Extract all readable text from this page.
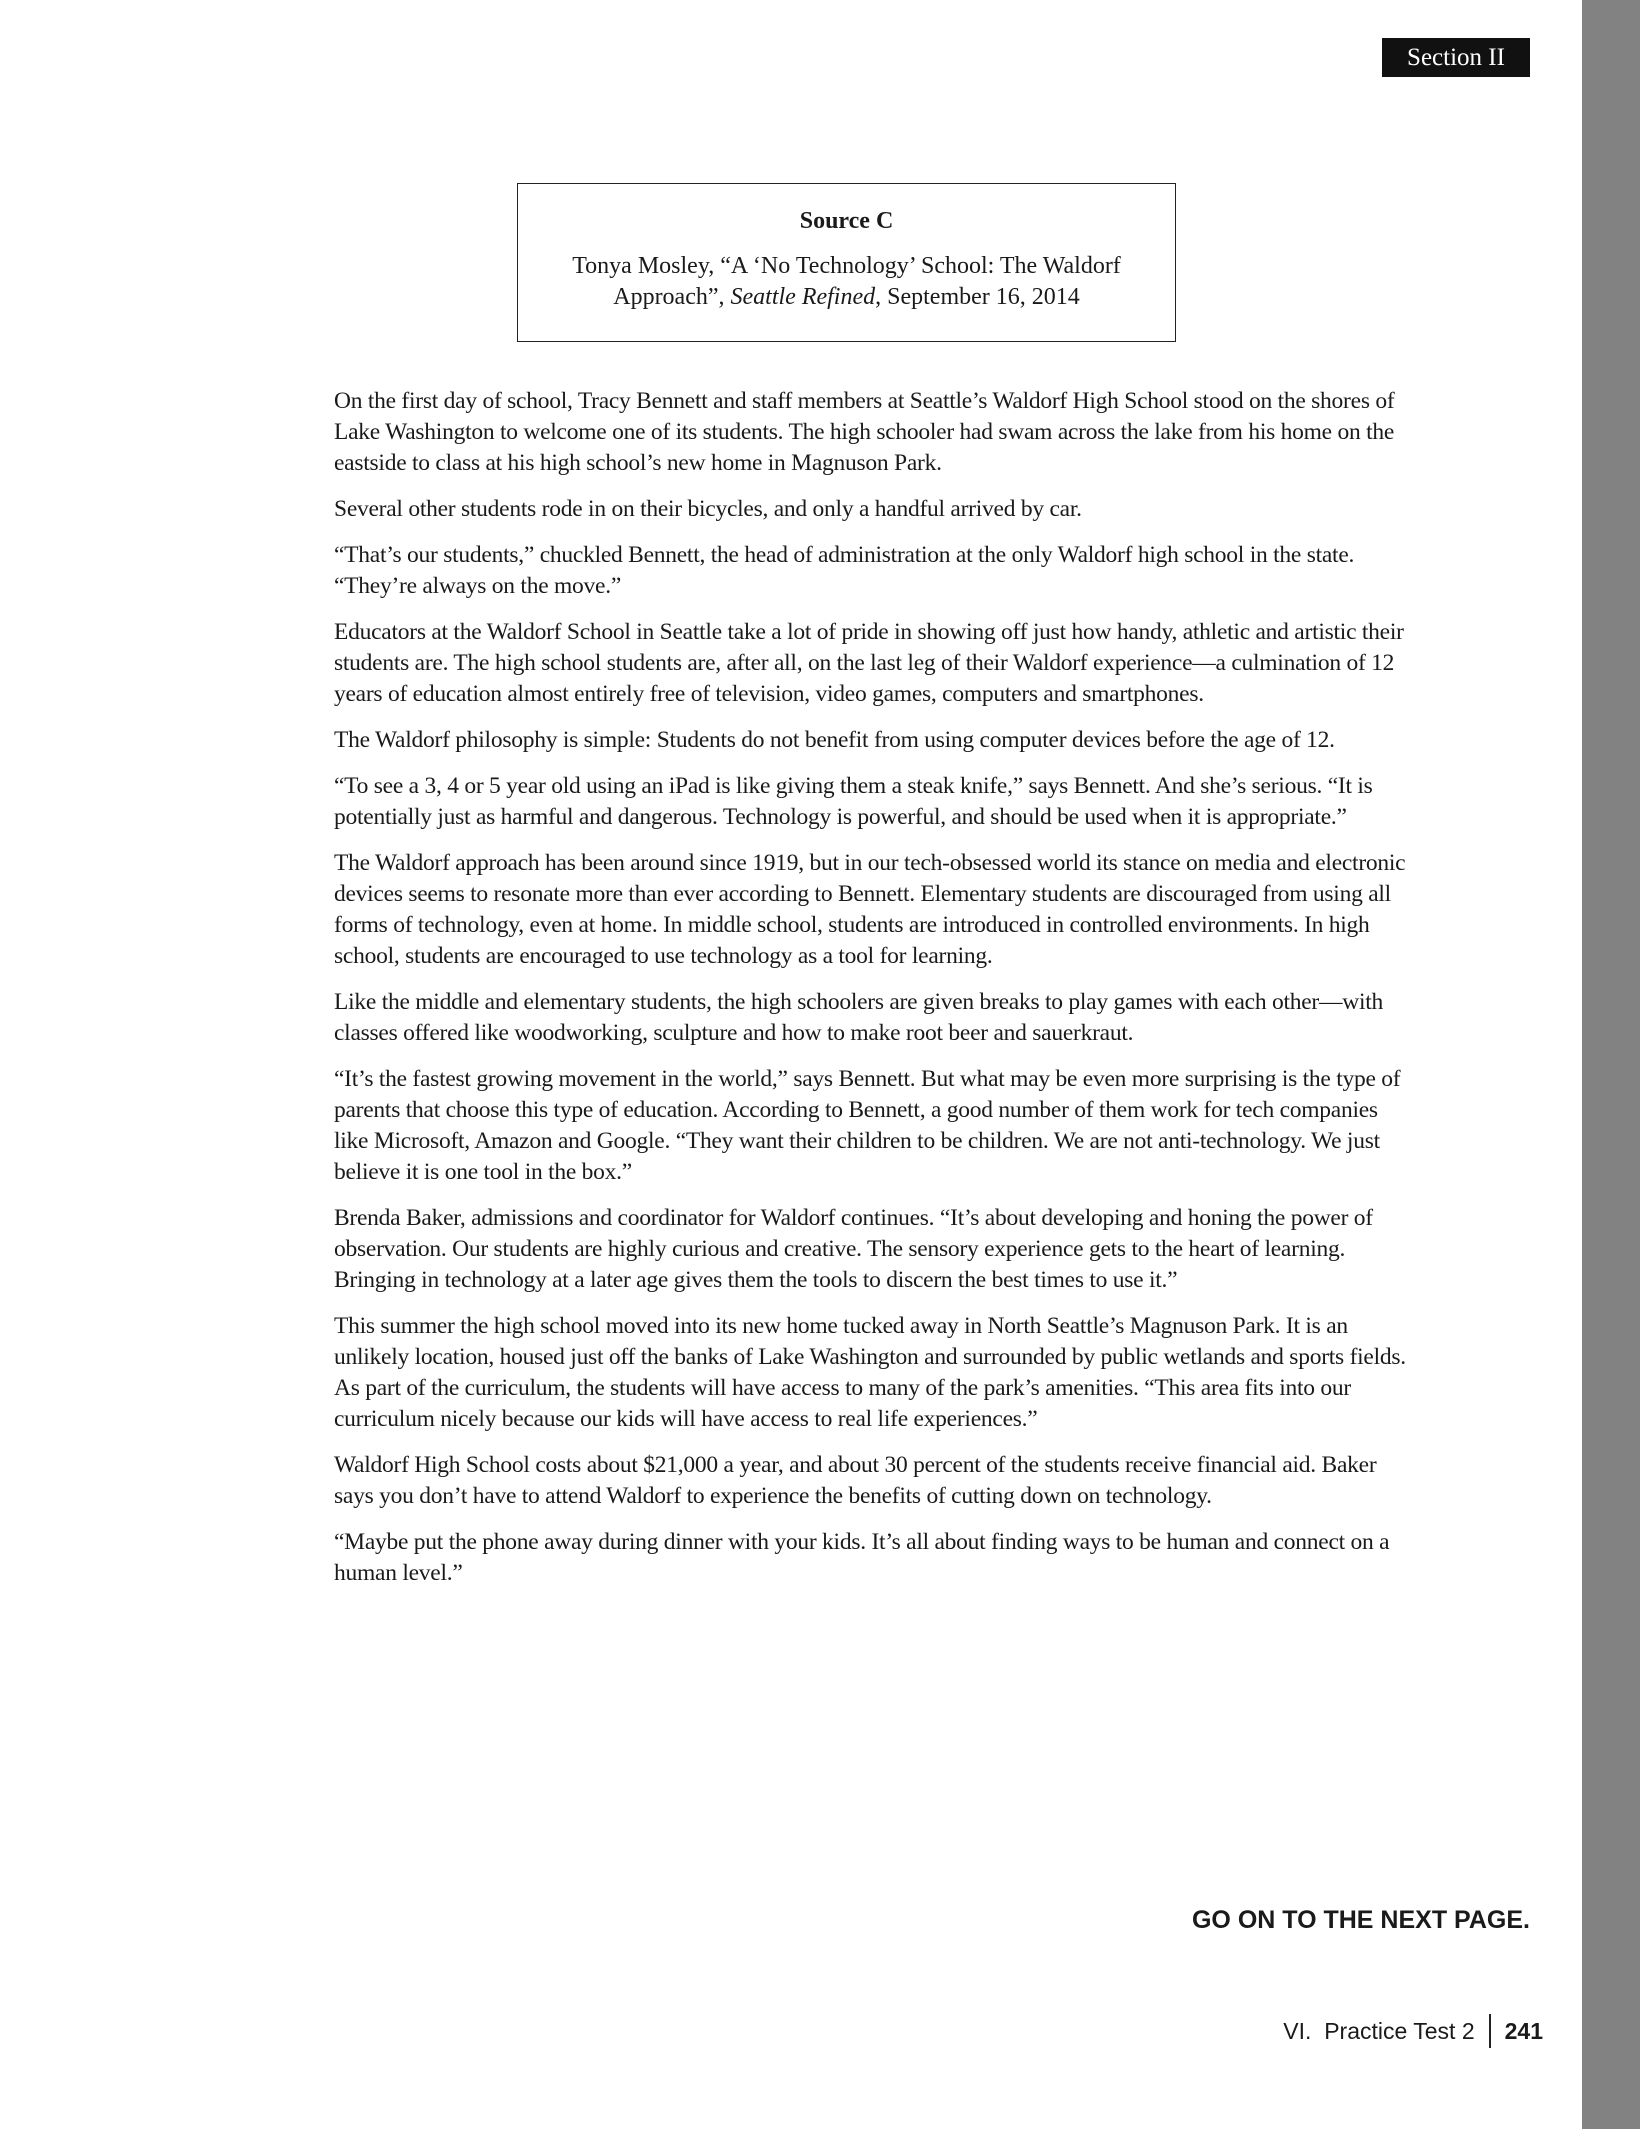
Section II
Source C
Tonya Mosley, “A ‘No Technology’ School: The Waldorf
Approach”, Seattle Refined, September 16, 2014

On the first day of school, Tracy Bennett and staff members at Seattle’s Waldorf High School stood on the shores of Lake Washington to welcome one of its students. The high schooler had swam across the lake from his home on the eastside to class at his high school’s new home in Magnuson Park.

Several other students rode in on their bicycles, and only a handful arrived by car.

“That’s our students,” chuckled Bennett, the head of administration at the only Waldorf high school in the state. “They’re always on the move.”

Educators at the Waldorf School in Seattle take a lot of pride in showing off just how handy, athletic and artistic their students are. The high school students are, after all, on the last leg of their Waldorf experience—a culmination of 12 years of education almost entirely free of television, video games, computers and smartphones.

The Waldorf philosophy is simple: Students do not benefit from using computer devices before the age of 12.

“To see a 3, 4 or 5 year old using an iPad is like giving them a steak knife,” says Bennett. And she’s serious. “It is potentially just as harmful and dangerous. Technology is powerful, and should be used when it is appropriate.”

The Waldorf approach has been around since 1919, but in our tech-obsessed world its stance on media and electronic devices seems to resonate more than ever according to Bennett. Elementary students are discouraged from using all forms of technology, even at home. In middle school, students are introduced in controlled environments. In high school, students are encouraged to use technology as a tool for learning.

Like the middle and elementary students, the high schoolers are given breaks to play games with each other—with classes offered like woodworking, sculpture and how to make root beer and sauerkraut.

“It’s the fastest growing movement in the world,” says Bennett. But what may be even more surprising is the type of parents that choose this type of education. According to Bennett, a good number of them work for tech companies like Microsoft, Amazon and Google. “They want their children to be children. We are not anti-technology. We just believe it is one tool in the box.”

Brenda Baker, admissions and coordinator for Waldorf continues. “It’s about developing and honing the power of observation. Our students are highly curious and creative. The sensory experience gets to the heart of learning. Bringing in technology at a later age gives them the tools to discern the best times to use it.”

This summer the high school moved into its new home tucked away in North Seattle’s Magnuson Park. It is an unlikely location, housed just off the banks of Lake Washington and surrounded by public wetlands and sports fields. As part of the curriculum, the students will have access to many of the park’s amenities. “This area fits into our curriculum nicely because our kids will have access to real life experiences.”

Waldorf High School costs about $21,000 a year, and about 30 percent of the students receive financial aid. Baker says you don’t have to attend Waldorf to experience the benefits of cutting down on technology.

“Maybe put the phone away during dinner with your kids. It’s all about finding ways to be human and connect on a human level.”

GO ON TO THE NEXT PAGE.
VI.  Practice Test 2 241
